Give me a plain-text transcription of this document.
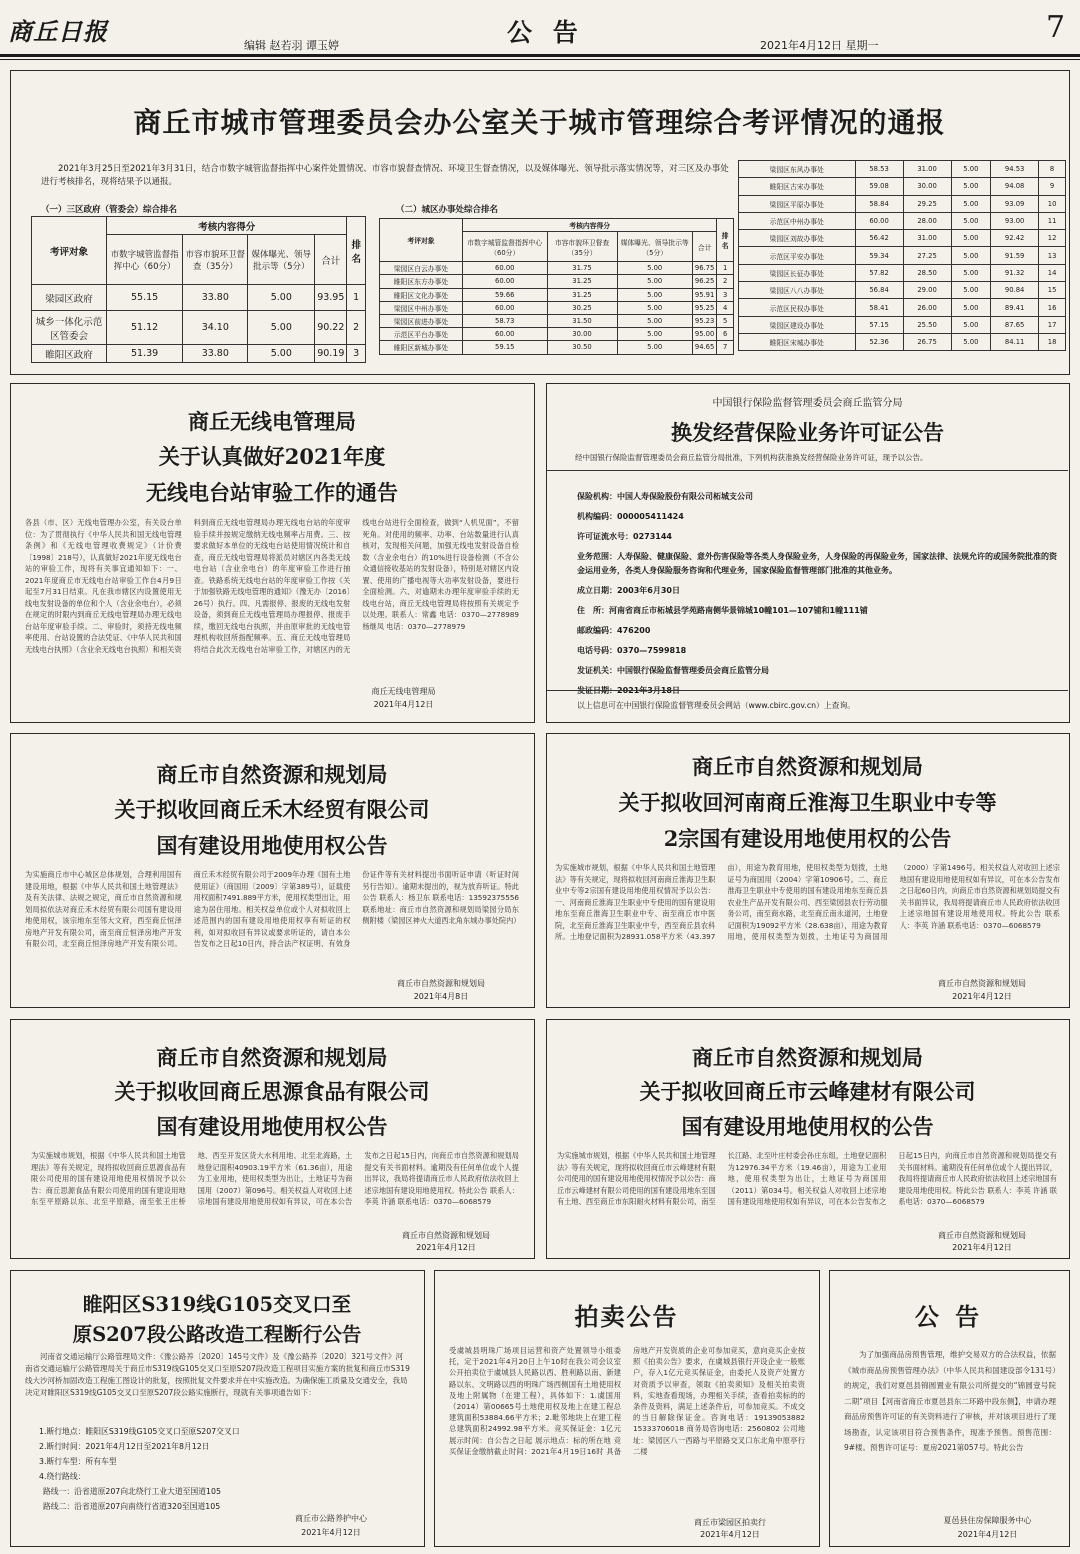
商丘日报	公 告	7
编辑 赵若羽 谭玉婷	2021年4月12日 星期一
商丘市城市管理委员会办公室关于城市管理综合考评情况的通报
2021年3月25日至2021年3月31日，结合市数字城管监督指挥中心案件处置情况、市容市貌督查情况、环境卫生督查情况，以及媒体曝光、领导批示落实情况等，对三区及办事处进行考核排名，现将结果予以通报。
（一）三区政府（管委会）综合排名
考评对象	考核内容得分				排名
	市数字城管监督指挥中心（60分）	市容市貌环卫督查（35分）	媒体曝光、领导批示等（5分）	合计	
梁园区政府	55.15	33.80	5.00	93.95	1
城乡一体化示范区管委会	51.12	34.10	5.00	90.22	2
睢阳区政府	51.39	33.80	5.00	90.19	3
（二）城区办事处综合排名
考评对象	考核内容得分				排名
	市数字城管监督指挥中心（60分）	市容市貌环卫督查（35分）	媒体曝光、领导批示等（5分）	合计	
梁园区白云办事处	60.00	31.75	5.00	96.75	1
睢阳区东方办事处	60.00	31.25	5.00	96.25	2
睢阳区文化办事处	59.66	31.25	5.00	95.91	3
梁园区中州办事处	60.00	30.25	5.00	95.25	4
梁园区前进办事处	58.73	31.50	5.00	95.23	5
示范区平台办事处	60.00	30.00	5.00	95.00	6
睢阳区新城办事处	59.15	30.50	5.00	94.65	7
梁园区东风办事处	58.53	31.00	5.00	94.53	8
睢阳区古宋办事处	59.08	30.00	5.00	94.08	9
梁园区平原办事处	58.84	29.25	5.00	93.09	10
示范区中州办事处	60.00	28.00	5.00	93.00	11
梁园区刘故办事处	56.42	31.00	5.00	92.42	12
示范区平安办事处	59.34	27.25	5.00	91.59	13
梁园区长征办事处	57.82	28.50	5.00	91.32	14
梁园区八八办事处	56.84	29.00	5.00	90.84	15
示范区民权办事处	58.41	26.00	5.00	89.41	16
梁园区建设办事处	57.15	25.50	5.00	87.65	17
睢阳区宋城办事处	52.36	26.75	5.00	84.11	18
商丘无线电管理局
关于认真做好2021年度
无线电台站审验工作的通告
各县（市、区）无线电管理办公室，有关设台单位：为了贯彻执行《中华人民共和国无线电管理条例》和《无线电管理收费规定》（计价费〔1998〕218号），认真做好2021年度无线电台站的审验工作，现将有关事宜通知如下：一、2021年度商丘市无线电台站审验工作自4月9日起至7月31日结束。凡在我市辖区内设置使用无线电发射设备的单位和个人（含业余电台），必须在规定的时限内到商丘无线电管理局办理无线电台站年度审验手续。二、审验时，须持无线电频率使用、台站设置的合法凭证、《中华人民共和国无线电台执照》（含业余无线电台执照）和相关资料到商丘无线电管理局办理无线电台站的年度审验手续并按规定缴纳无线电频率占用费。三、按要求做好本单位的无线电台站使用情况统计和自查，商丘无线电管理局将派员对辖区内各类无线电台站（含业余电台）的年度审验工作进行抽查。铁路系统无线电台站的年度审验工作按《关于加强铁路无线电管理的通知》（豫无办〔2016〕26号）执行。四、凡需报停、报废的无线电发射设备，须到商丘无线电管理局办理报停、报废手续，缴回无线电台执照，并由原审批的无线电管理机构收回所指配频率。五、商丘无线电管理局将结合此次无线电台站审验工作，对辖区内的无线电台站进行全面检查，做到“人机见面”，不留死角。对使用的频率、功率、台站数量进行认真核对，发现相关问题，加强无线电发射设备自检数（含业余电台）的10%进行设备检测（不含公众通信接收基站的发射设备），特别是对辖区内设置、使用的广播电视等大功率发射设备，要进行全面检测。六、对逾期未办理年度审验手续的无线电台站，商丘无线电管理局将按照有关规定予以处理。联系人：常鑫 电话：0370—2778989 杨继凤 电话：0370—2778979
商丘无线电管理局
2021年4月12日
中国银行保险监督管理委员会商丘监管分局
换发经营保险业务许可证公告
经中国银行保险监督管理委员会商丘监管分局批准，下列机构获准换发经营保险业务许可证，现予以公告。
保险机构：中国人寿保险股份有限公司柘城支公司
机构编码：000005411424
许可证流水号：0273144
业务范围：人寿保险、健康保险、意外伤害保险等各类人身保险业务，人身保险的再保险业务，国家法律、法规允许的或国务院批准的资金运用业务，各类人身保险服务咨询和代理业务，国家保险监督管理部门批准的其他业务。
成立日期：2003年6月30日
住　所：河南省商丘市柘城县学苑路南侧华景锦城10幢101—107铺和1幢111铺
邮政编码：476200
电话号码：0370—7599818
发证机关：中国银行保险监督管理委员会商丘监管分局
以上信息可在中国银行保险监督管理委员会网站（www.cbirc.gov.cn）上查询。
商丘市自然资源和规划局
关于拟收回商丘禾木经贸有限公司
国有建设用地使用权公告
为实施商丘市中心城区总体规划，合理利用国有建设用地，根据《中华人民共和国土地管理法》及有关法律、法规之规定，商丘市自然资源和规划局拟依法对商丘禾木经贸有限公司国有建设用地使用权，该宗地东至邻大文府，西至商丘恒泽房地产开发有限公司，南至商丘恒泽房地产开发有限公司，北至商丘恒泽房地产开发有限公司。商丘禾木经贸有限公司于2009年办理《国有土地使用证》（商国用〔2009〕字第389号），证载使用权面积7491.889平方米，使用权类型出让，用途为居住用地。相关权益单位或个人对拟收回上述范围内的国有建设用地使用权享有听证的权利，如对拟收回有异议或要求听证的，请自本公告发布之日起10日内，持合法产权证明、有效身份证件等有关材料提出书面听证申请（听证时间另行告知）。逾期未提出的，视为放弃听证。特此公告 联系人：杨卫东 联系电话：13592375556 联系地址：商丘市自然资源和规划局梁园分局东侧附楼（梁园区神火大道西北角东城办事处院内）
商丘市自然资源和规划局
2021年4月8日
商丘市自然资源和规划局
关于拟收回河南商丘淮海卫生职业中专等
2宗国有建设用地使用权的公告
为实施城市规划，根据《中华人民共和国土地管理法》等有关规定，现将拟收回河南商丘淮海卫生职业中专等2宗国有建设用地使用权情况予以公告：一、河南商丘淮海卫生职业中专使用的国有建设用地东至商丘淮海卫生职业中专、南至商丘市中医院，北至商丘淮海卫生职业中专，西至商丘县农科所。土地登记面积为28931.058平方米（43.397亩），用途为教育用地，使用权类型为划拨，土地证号为商国用（2004）字第10906号。二、商丘淮海卫生职业中专使用的国有建设用地东至商丘县农业生产品开发有限公司、西至梁园县农行劳动服务公司，南至商水路，北至商丘南永道河，土地登记面积为19092平方米（28.638亩），用途为教育用地，使用权类型为划拨，土地证号为商国用（2000）字第1496号。相关权益人对收回上述宗地国有建设用地使用权如有异议，可在本公告发布之日起60日内，向商丘市自然资源和规划局提交有关书面异议，我局将提请商丘市人民政府依法收回上述宗地国有建设用地使用权。特此公告 联系人：李英 许涵 联系电话：0370—6068579
商丘市自然资源和规划局
2021年4月12日
商丘市自然资源和规划局
关于拟收回商丘思源食品有限公司
国有建设用地使用权公告
为实施城市规划，根据《中华人民共和国土地管理法》等有关规定，现将拟收回商丘思源食品有限公司使用的国有建设用地使用权情况予以公告：商丘思源食品有限公司使用的国有建设用地东至平原路以东、北至平原路，南至张王庄桥地、西至开发区货大水利用地、北至北海路，土地登记面积40903.19平方米（61.36亩），用途为工业用地，使用权类型为出让，土地证号为商国用（2007）第096号。相关权益人对收回上述宗地国有建设用地使用权如有异议，可在本公告发布之日起15日内，向商丘市自然资源和规划局提交有关书面材料。逾期没有任何单位或个人提出异议，我局将提请商丘市人民政府依法收回上述宗地国有建设用地使用权。特此公告 联系人：李英 许涵 联系电话：0370—6068579
商丘市自然资源和规划局
2021年4月12日
商丘市自然资源和规划局
关于拟收回商丘市云峰建材有限公司
国有建设用地使用权的公告
为实施城市规划，根据《中华人民共和国土地管理法》等有关规定，现将拟收回商丘市云峰建材有限公司使用的国有建设用地使用权情况予以公告：商丘市云峰建材有限公司使用的国有建设用地东至国有土地、西至商丘市东阳耐火材料有限公司、南至长江路、北至叶庄村委会孙庄东组，土地登记面积为12976.34平方米（19.46亩），用途为工业用地，使用权类型为出让，土地证号为商国用（2011）第034号。相关权益人对收回上述宗地国有建设用地使用权如有异议，可在本公告发布之日起15日内，向商丘市自然资源和规划局提交有关书面材料。逾期没有任何单位或个人提出异议，我局将提请商丘市人民政府依法收回上述宗地国有建设用地使用权。特此公告 联系人：李英 许涵 联系电话：0370—6068579
商丘市自然资源和规划局
2021年4月12日
睢阳区S319线G105交叉口至
原S207段公路改造工程断行公告
河南省交通运输厅公路管理局文件：《豫公路养〔2020〕145号文件》及《豫公路养〔2020〕321号文件》河南省交通运输厅公路管理局关于商丘市S319线G105交叉口至原S207段改造工程项目实施方案的批复和商丘市S319线大沙河桥加固改造工程施工图设计的批复，按照批复文件要求并在中实施改造。为确保施工质量及交通安全，我局决定对睢阳区S319线G105交叉口至原S207段公路实施断行，现就有关事项通告如下：
1.断行地点：睢阳区S319线G105交叉口至原S207交叉口
2.断行时间：2021年4月12日至2021年8月12日
3.断行车型：所有车型
4.绕行路线：
路线一：沿省道原207向北绕行工业大道至国道105
路线二：沿省道原207向南绕行省道320至国道105
商丘市公路养护中心
2021年4月12日
拍卖公告
受虞城县明珠广场项目运营和资产处置领导小组委托，定于2021年4月20日上午10时在我公司会议室公开拍卖位于虞城县人民路以西、胜利路以南、新建路以东、文明路以西的明珠广场西侧国有土地使用权及地上附属物（在建工程），具体如下：1.虞国用（2014）第00665号土地使用权及地上在建工程总建筑面积53884.66平方米；2.毗邻地块上在建工程总建筑面积24992.98平方米。竞买保证金：1亿元 展示时间：自公告之日起 展示地点：标的所在地 竞买保证金缴纳截止时间：2021年4月19日16时 具备房地产开发资质的企业可参加竞买，意向竞买企业按照《拍卖公告》要求，在虞城县银行开设企业一般账户，存入1亿元竞买保证金，由委托人及资产处置方对资质予以审查，领取《拍卖须知》及相关拍卖资料，实地查看现场，办理相关手续，查看拍卖标的的条件及资料，满足上述条件后，可参加竞买。不成交的当日解除保证金。咨询电话：19139053882 15333706018 商务局咨询电话：2560802 公司地址：梁园区八一西路与平原路交叉口东北角中原亭行二楼
商丘市梁园区拍卖行
2021年4月12日
公 告
为了加强商品房预售管理，维护交易双方的合法权益，依据《城市商品房预售管理办法》（中华人民共和国建设部令131号）的规定，我们对夏邑县锦圆置业有限公司所提交的“锦圆壹号院二期”项目【河南省商丘市夏邑县东二环路中段东侧】，申请办理商品房预售许可证的有关资料进行了审核，并对该项目进行了现场勘查，认定该项目符合预售条件，现准予预售。预售范围：9#楼。预售许可证号：夏房2021第057号。特此公告
夏邑县住房保障服务中心
2021年4月12日
